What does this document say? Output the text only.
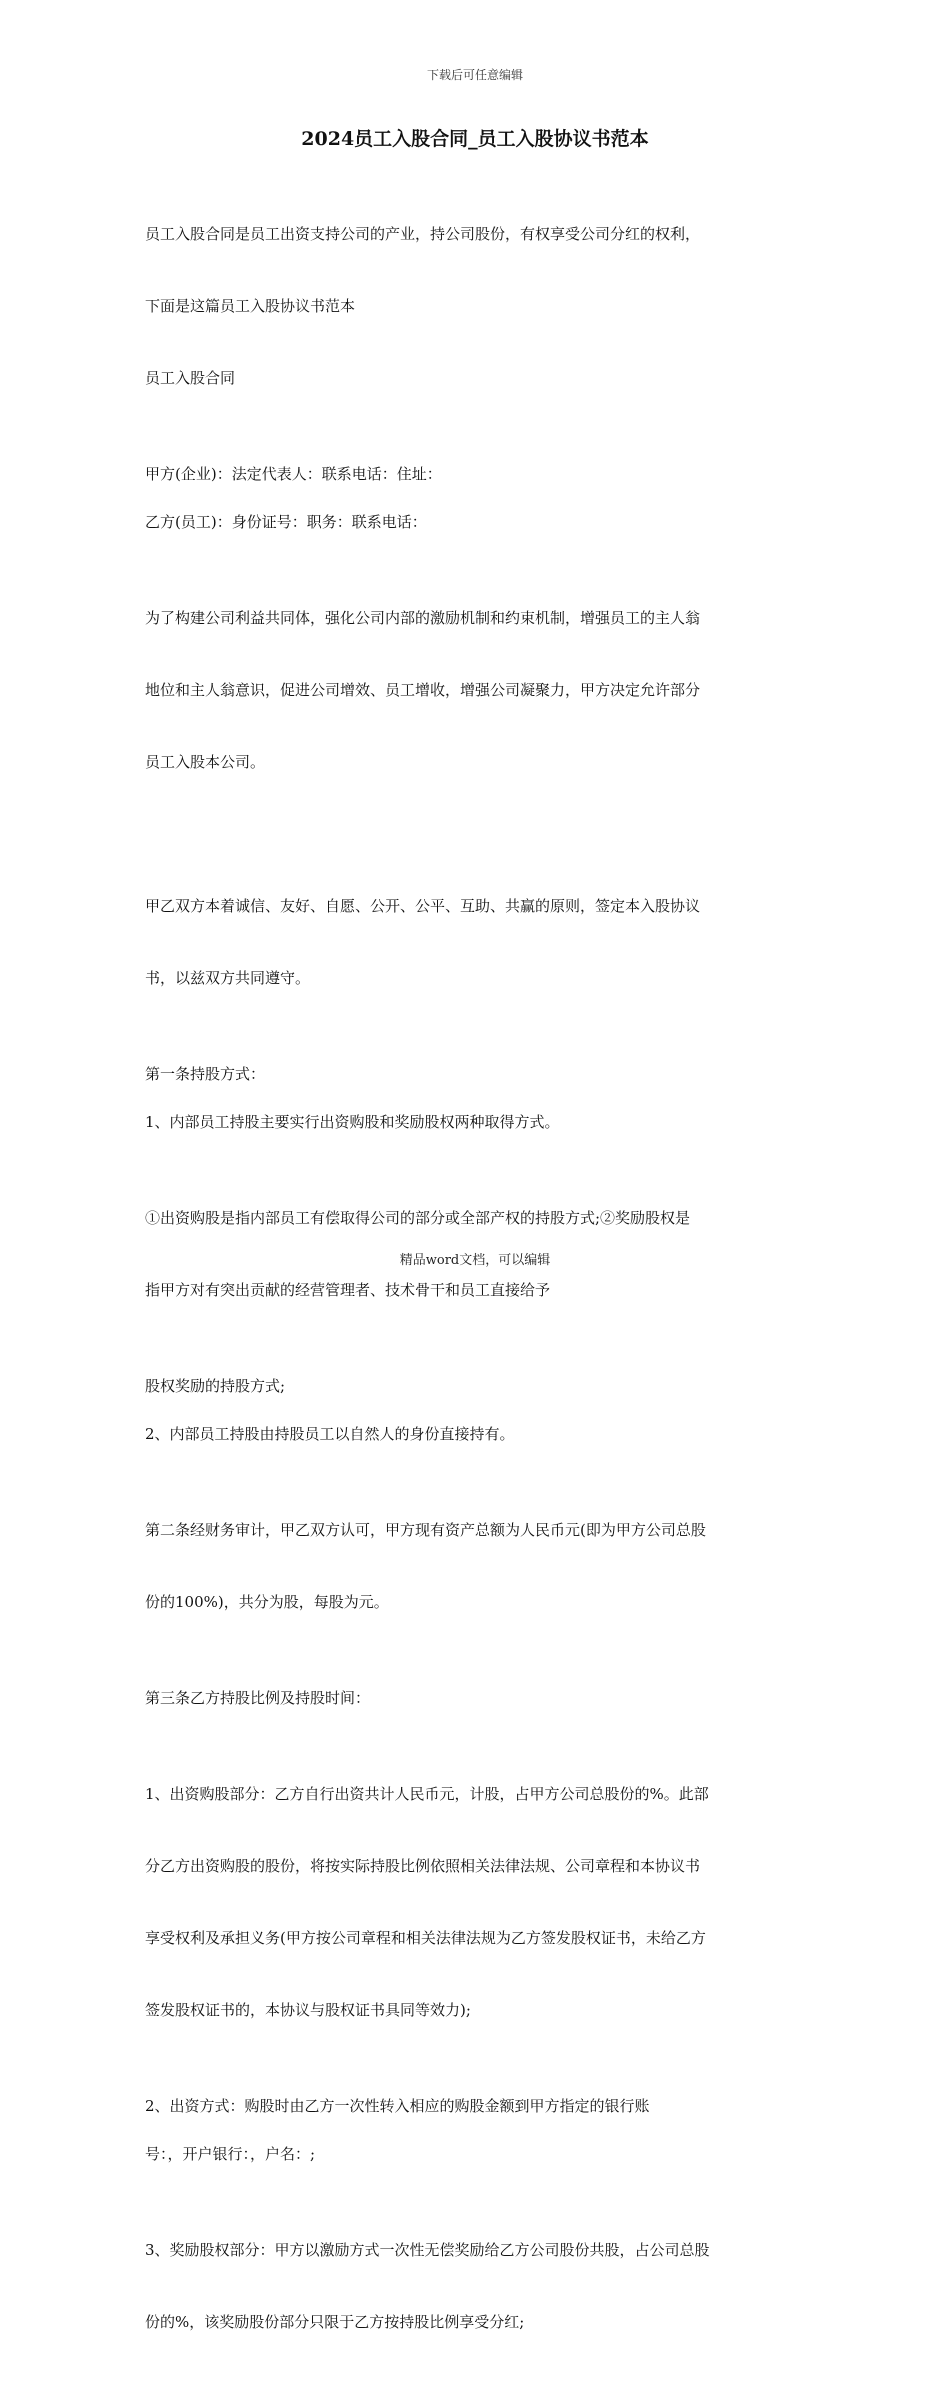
下载后可任意编辑
2024员工入股合同_员工入股协议书范本

员工入股合同是员工出资支持公司的产业，持公司股份，有权享受公司分红的权利，

下面是这篇员工入股协议书范本

员工入股合同

甲方(企业)：法定代表人：联系电话：住址：

乙方(员工)：身份证号：职务：联系电话：

为了构建公司利益共同体，强化公司内部的激励机制和约束机制，增强员工的主人翁

地位和主人翁意识，促进公司增效、员工增收，增强公司凝聚力，甲方决定允许部分

员工入股本公司。

甲乙双方本着诚信、友好、自愿、公开、公平、互助、共赢的原则，签定本入股协议

书，以兹双方共同遵守。

第一条持股方式：

1、内部员工持股主要实行出资购股和奖励股权两种取得方式。

①出资购股是指内部员工有偿取得公司的部分或全部产权的持股方式;②奖励股权是

指甲方对有突出贡献的经营管理者、技术骨干和员工直接给予

股权奖励的持股方式;

2、内部员工持股由持股员工以自然人的身份直接持有。

第二条经财务审计，甲乙双方认可，甲方现有资产总额为人民币元(即为甲方公司总股

份的100%)，共分为股，每股为元。

第三条乙方持股比例及持股时间：

1、出资购股部分：乙方自行出资共计人民币元，计股，占甲方公司总股份的%。此部

分乙方出资购股的股份，将按实际持股比例依照相关法律法规、公司章程和本协议书

享受权利及承担义务(甲方按公司章程和相关法律法规为乙方签发股权证书，未给乙方

签发股权证书的，本协议与股权证书具同等效力);

2、出资方式：购股时由乙方一次性转入相应的购股金额到甲方指定的银行账

号：，开户银行：，户名：;

3、奖励股权部分：甲方以激励方式一次性无偿奖励给乙方公司股份共股，占公司总股

份的%，该奖励股份部分只限于乙方按持股比例享受分红;

精品word文档，可以编辑
